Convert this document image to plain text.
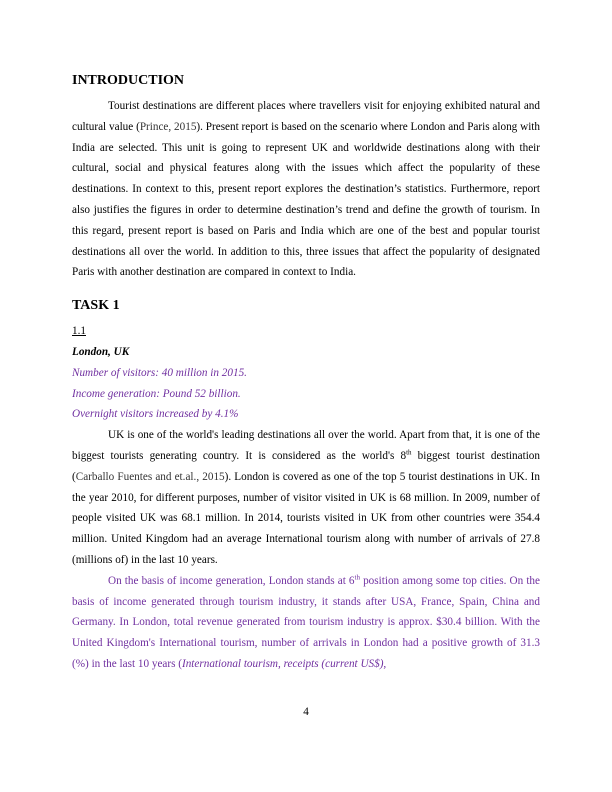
INTRODUCTION

Tourist destinations are different places where travellers visit for enjoying exhibited natural and cultural value (Prince, 2015). Present report is based on the scenario where London and Paris along with India are selected. This unit is going to represent UK and worldwide destinations along with their cultural, social and physical features along with the issues which affect the popularity of these destinations. In context to this, present report explores the destination’s statistics. Furthermore, report also justifies the figures in order to determine destination’s trend and define the growth of tourism. In this regard, present report is based on Paris and India which are one of the best and popular tourist destinations all over the world. In addition to this, three issues that affect the popularity of designated Paris with another destination are compared in context to India.

TASK 1
1.1
London, UK

Number of visitors: 40 million in 2015.

Income generation: Pound 52 billion.

Overnight visitors increased by 4.1%

UK is one of the world's leading destinations all over the world. Apart from that, it is one of the biggest tourists generating country. It is considered as the world's 8th biggest tourist destination (Carballo Fuentes and et.al., 2015). London is covered as one of the top 5 tourist destinations in UK. In the year 2010, for different purposes, number of visitor visited in UK is 68 million. In 2009, number of people visited UK was 68.1 million. In 2014, tourists visited in UK from other countries were 354.4 million. United Kingdom had an average International tourism along with number of arrivals of 27.8 (millions of) in the last 10 years.

On the basis of income generation, London stands at 6th position among some top cities. On the basis of income generated through tourism industry, it stands after USA, France, Spain, China and Germany. In London, total revenue generated from tourism industry is approx. $30.4 billion. With the United Kingdom's International tourism, number of arrivals in London had a positive growth of 31.3 (%) in the last 10 years (International tourism, receipts (current US$),

4
